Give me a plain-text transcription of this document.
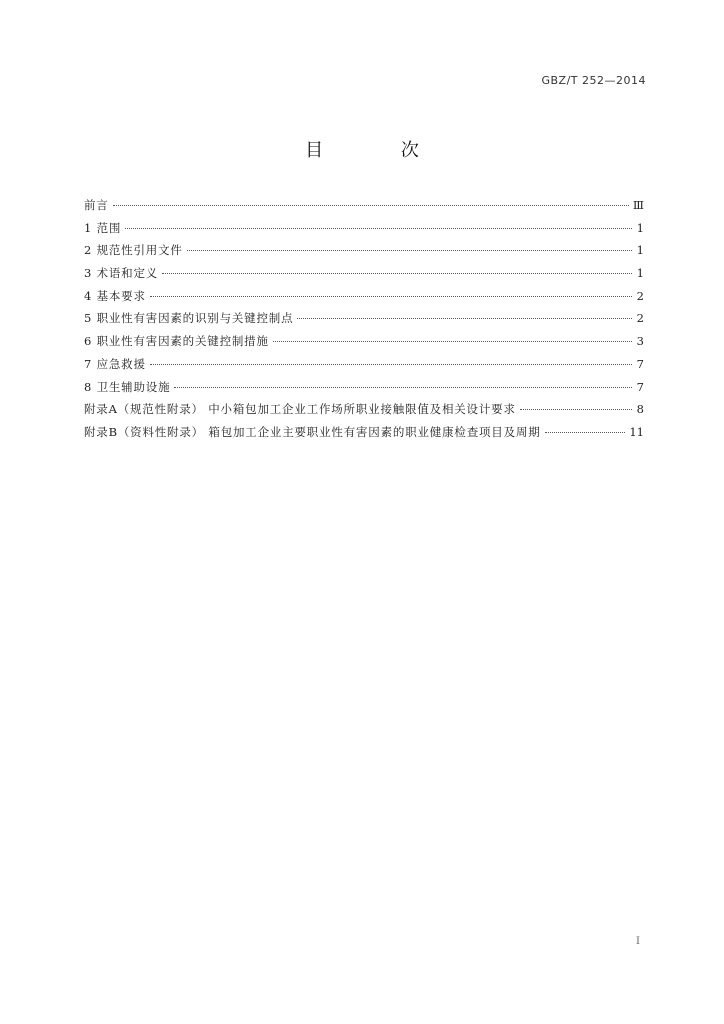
GBZ/T 252—2014
目 次
前言	Ⅲ
1 范围	1
2 规范性引用文件	1
3 术语和定义	1
4 基本要求	2
5 职业性有害因素的识别与关键控制点	2
6 职业性有害因素的关键控制措施	3
7 应急救援	7
8 卫生辅助设施	7
附录A（规范性附录） 中小箱包加工企业工作场所职业接触限值及相关设计要求	8
附录B（资料性附录） 箱包加工企业主要职业性有害因素的职业健康检查项目及周期	11
I
